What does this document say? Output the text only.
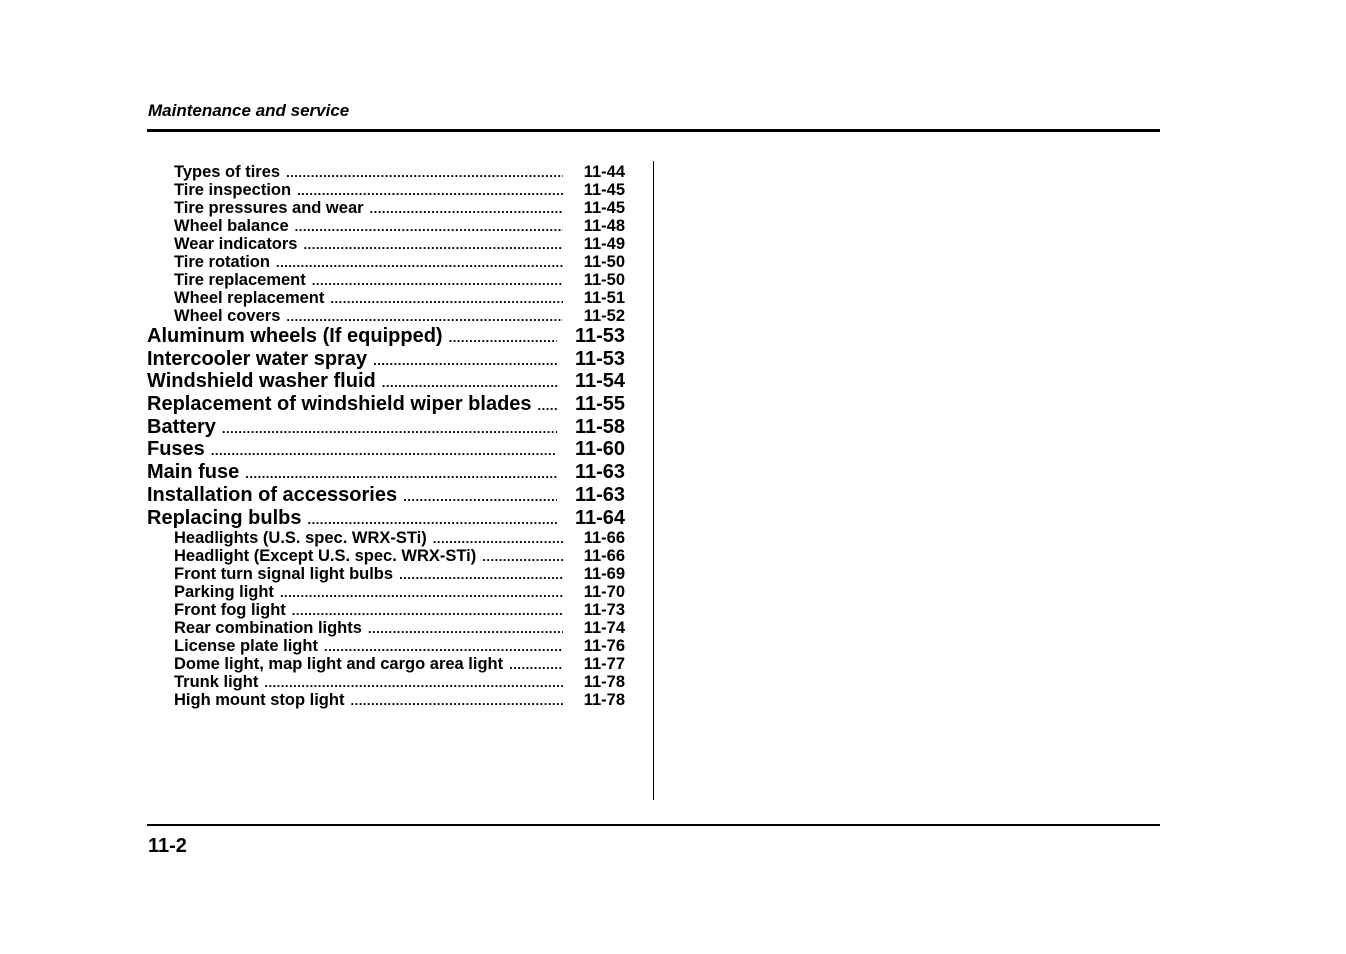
Maintenance and service
Types of tires .....	11-44
Tire inspection .....	11-45
Tire pressures and wear .....	11-45
Wheel balance .....	11-48
Wear indicators .....	11-49
Tire rotation .....	11-50
Tire replacement .....	11-50
Wheel replacement .....	11-51
Wheel covers .....	11-52
Aluminum wheels (If equipped) .....	11-53
Intercooler water spray .....	11-53
Windshield washer fluid .....	11-54
Replacement of windshield wiper blades .....	11-55
Battery .....	11-58
Fuses .....	11-60
Main fuse .....	11-63
Installation of accessories .....	11-63
Replacing bulbs .....	11-64
Headlights (U.S. spec. WRX-STi) .....	11-66
Headlight (Except U.S. spec. WRX-STi) .....	11-66
Front turn signal light bulbs .....	11-69
Parking light .....	11-70
Front fog light .....	11-73
Rear combination lights .....	11-74
License plate light .....	11-76
Dome light, map light and cargo area light .....	11-77
Trunk light .....	11-78
High mount stop light .....	11-78
11-2
